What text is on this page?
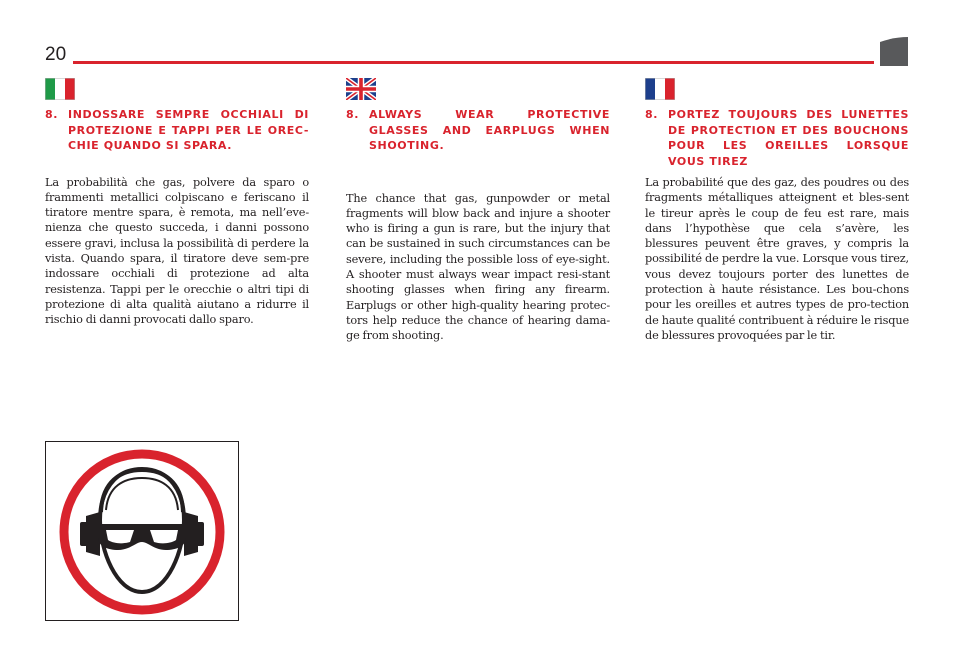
20
8. INDOSSARE SEMPRE OCCHIALI DI PROTEZIONE E TAPPI PER LE OREC-CHIE QUANDO SI SPARA.

La probabilità che gas, polvere da sparo o frammenti metallici colpiscano e feriscano il tiratore mentre spara, è remota, ma nell’eve-nienza che questo succeda, i danni possono essere gravi, inclusa la possibilità di perdere la vista. Quando spara, il tiratore deve sem-pre indossare occhiali di protezione ad alta resistenza. Tappi per le orecchie o altri tipi di protezione di alta qualità aiutano a ridurre il rischio di danni provocati dallo sparo.

8. ALWAYS WEAR PROTECTIVE GLASSES AND EARPLUGS WHEN SHOOTING.

The chance that gas, gunpowder or metal fragments will blow back and injure a shooter who is firing a gun is rare, but the injury that can be sustained in such circumstances can be severe, including the possible loss of eye-sight. A shooter must always wear impact resi-stant shooting glasses when firing any firearm. Earplugs or other high-quality hearing protec-tors help reduce the chance of hearing dama-ge from shooting.

8. PORTEZ TOUJOURS DES LUNETTES DE PROTECTION ET DES BOUCHONS POUR LES OREILLES LORSQUE VOUS TIREZ

La probabilité que des gaz, des poudres ou des fragments métalliques atteignent et bles-sent le tireur après le coup de feu est rare, mais dans l’hypothèse que cela s’avère, les blessures peuvent être graves, y compris la possibilité de perdre la vue. Lorsque vous tirez, vous devez toujours porter des lunettes de protection à haute résistance. Les bou-chons pour les oreilles et autres types de pro-tection de haute qualité contribuent à réduire le risque de blessures provoquées par le tir.
